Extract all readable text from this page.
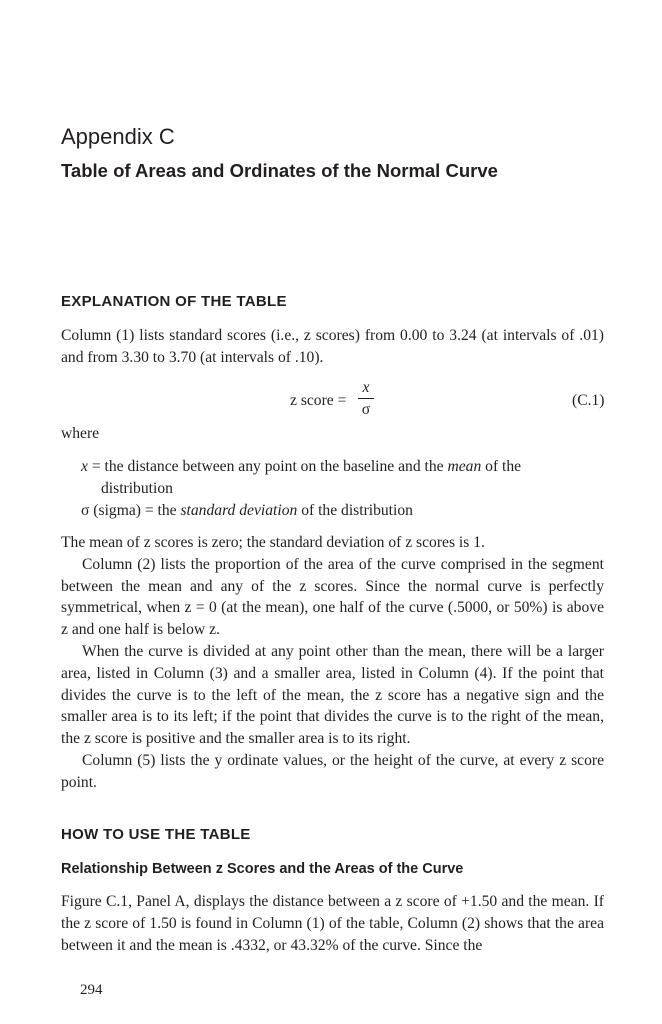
Appendix C
Table of Areas and Ordinates of the Normal Curve
EXPLANATION OF THE TABLE

Column (1) lists standard scores (i.e., z scores) from 0.00 to 3.24 (at intervals of .01) and from 3.30 to 3.70 (at intervals of .10).

z score =
x
σ
(C.1)
where
x = the distance between any point on the baseline and the mean of the
distribution
σ (sigma) = the standard deviation of the distribution

The mean of z scores is zero; the standard deviation of z scores is 1.

Column (2) lists the proportion of the area of the curve comprised in the segment between the mean and any of the z scores. Since the normal curve is perfectly symmetrical, when z = 0 (at the mean), one half of the curve (.5000, or 50%) is above z and one half is below z.

When the curve is divided at any point other than the mean, there will be a larger area, listed in Column (3) and a smaller area, listed in Column (4). If the point that divides the curve is to the left of the mean, the z score has a negative sign and the smaller area is to its left; if the point that divides the curve is to the right of the mean, the z score is positive and the smaller area is to its right.

Column (5) lists the y ordinate values, or the height of the curve, at every z score point.

HOW TO USE THE TABLE
Relationship Between z Scores and the Areas of the Curve

Figure C.1, Panel A, displays the distance between a z score of +1.50 and the mean. If the z score of 1.50 is found in Column (1) of the table, Column (2) shows that the area between it and the mean is .4332, or 43.32% of the curve. Since the

294
